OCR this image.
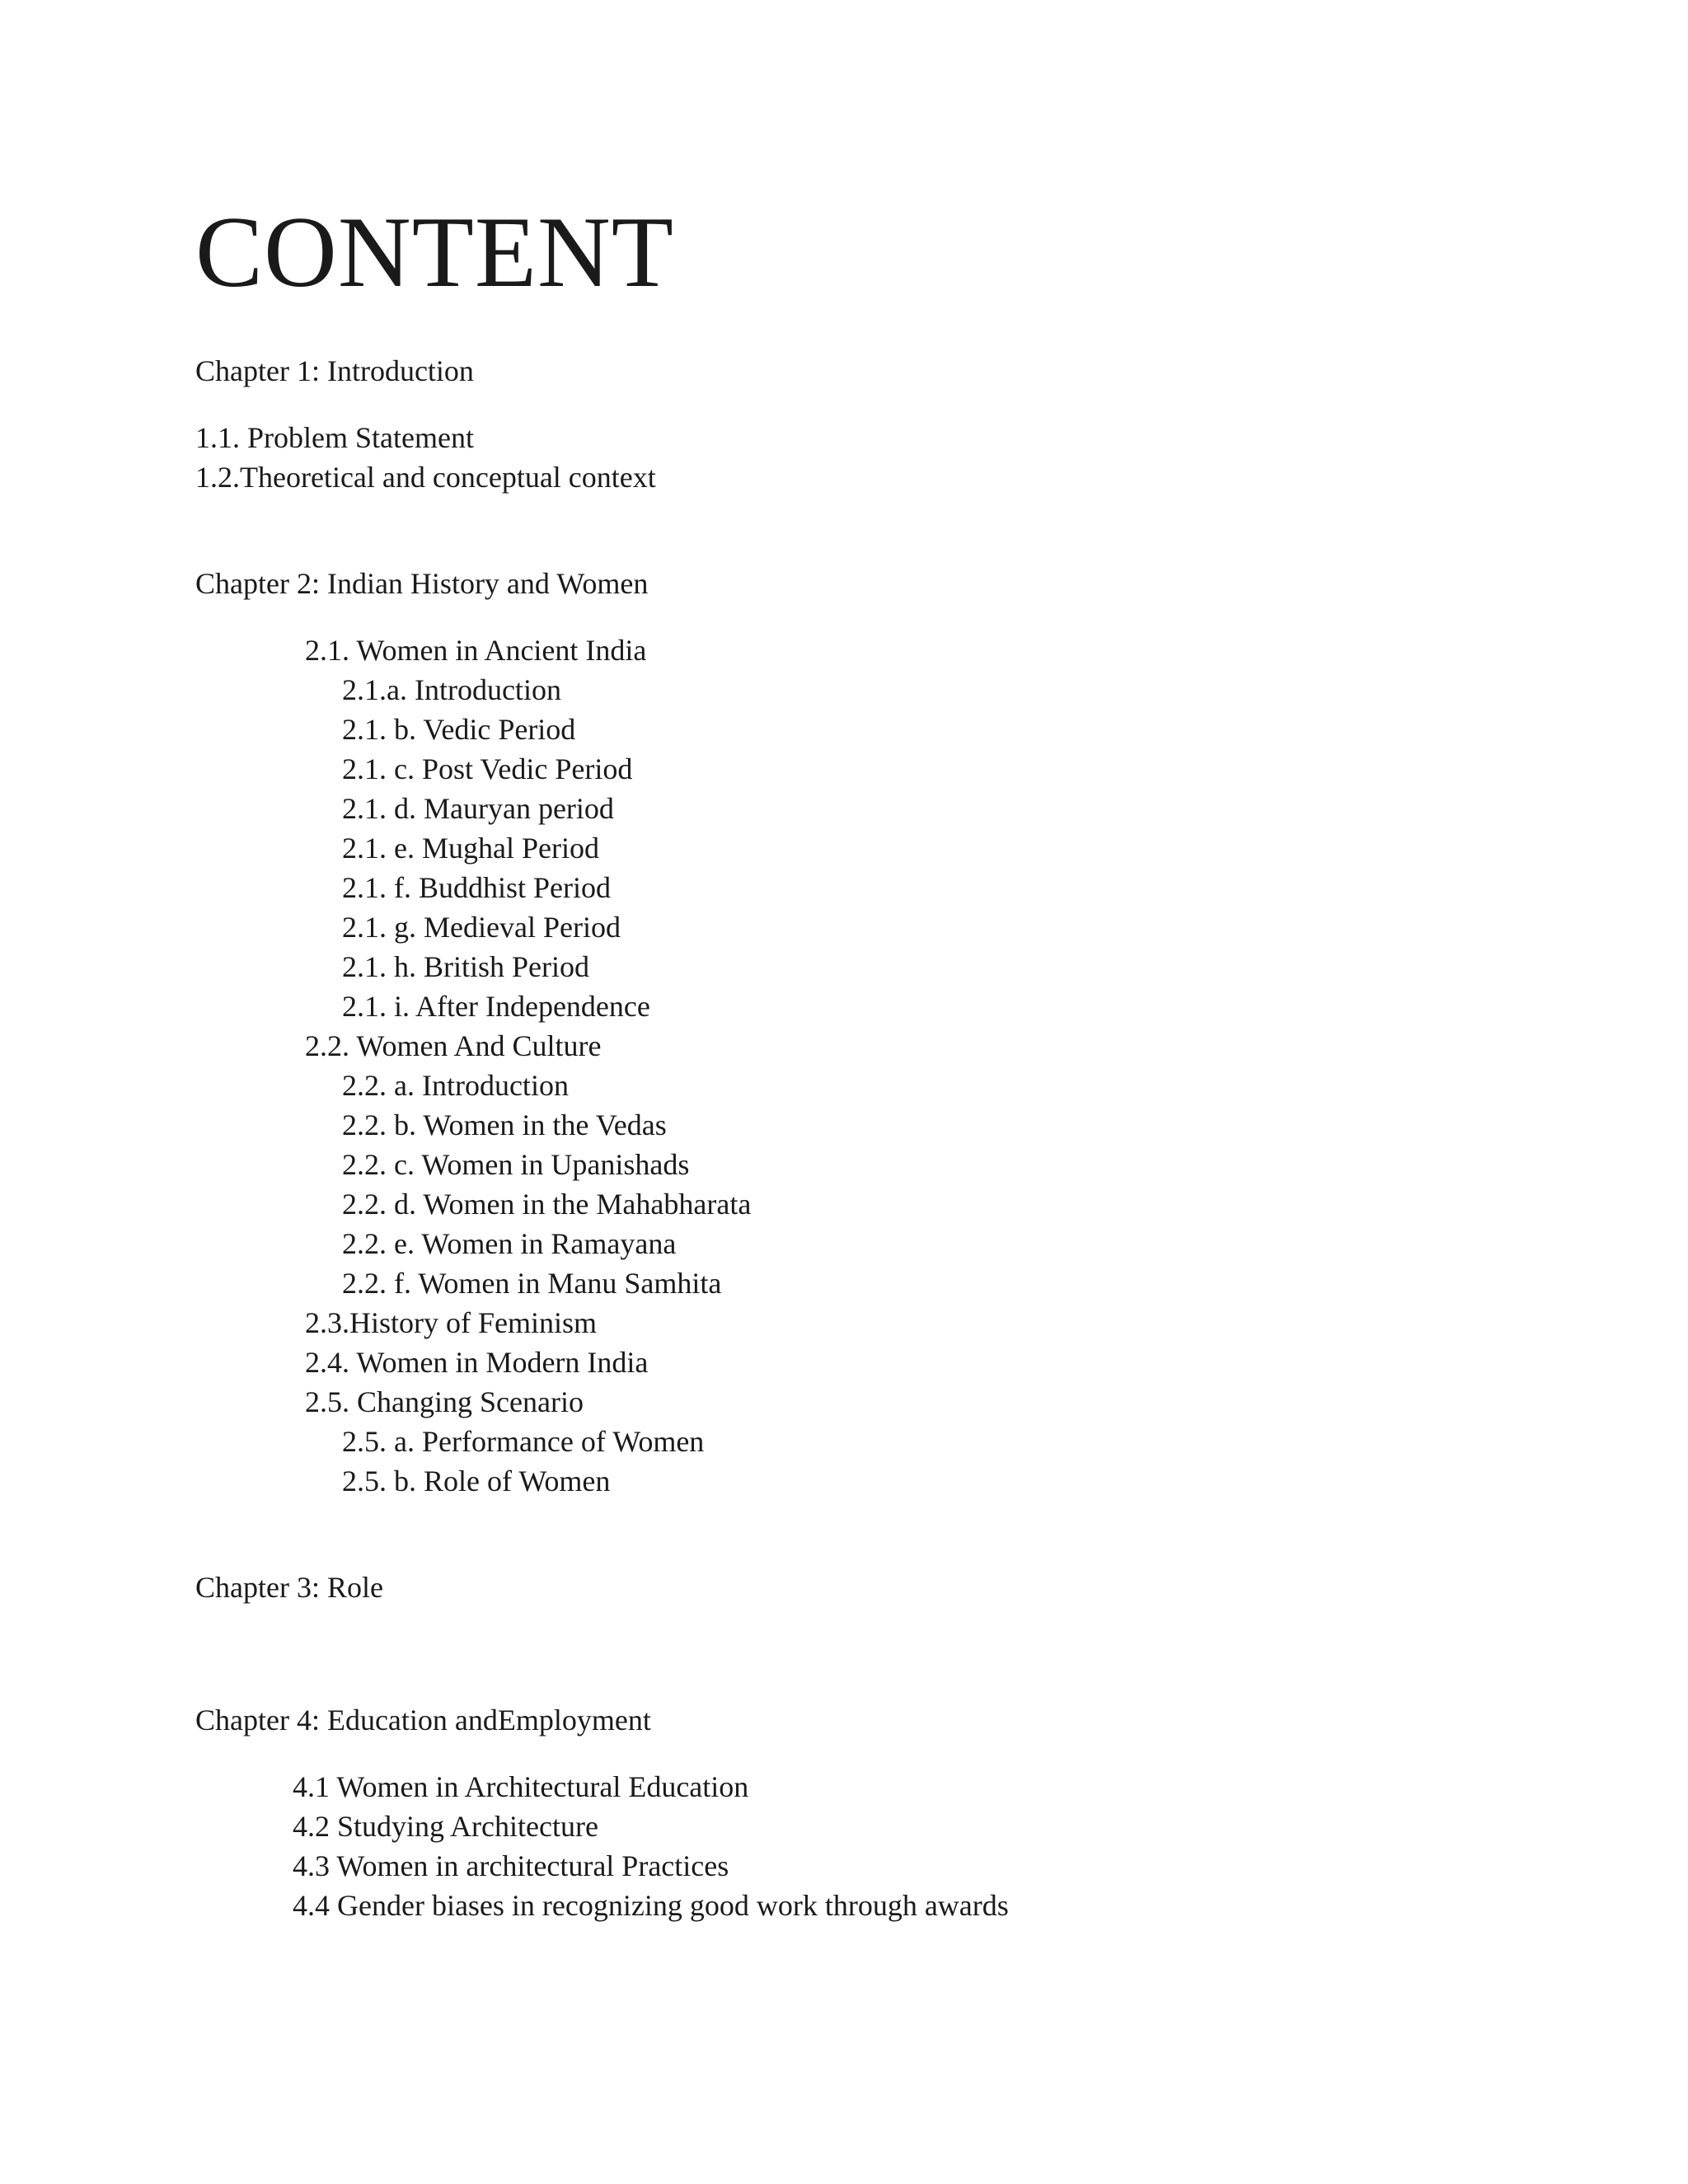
CONTENT
Chapter 1: Introduction
1.1. Problem Statement
1.2.Theoretical and conceptual context
Chapter 2: Indian History and Women
2.1. Women in Ancient India
2.1.a. Introduction
2.1. b. Vedic Period
2.1. c. Post Vedic Period
2.1. d. Mauryan period
2.1. e. Mughal Period
2.1. f. Buddhist Period
2.1. g. Medieval Period
2.1. h. British Period
2.1. i. After Independence
2.2. Women And Culture
2.2. a. Introduction
2.2. b. Women in the Vedas
2.2. c. Women in Upanishads
2.2. d. Women in the Mahabharata
2.2. e. Women in Ramayana
2.2. f. Women in Manu Samhita
2.3.History of Feminism
2.4. Women in Modern India
2.5. Changing Scenario
2.5. a. Performance of Women
2.5. b. Role of Women
Chapter 3: Role
Chapter 4: Education andEmployment
4.1 Women in Architectural Education
4.2 Studying Architecture
4.3 Women in architectural Practices
4.4 Gender biases in recognizing good work through awards
